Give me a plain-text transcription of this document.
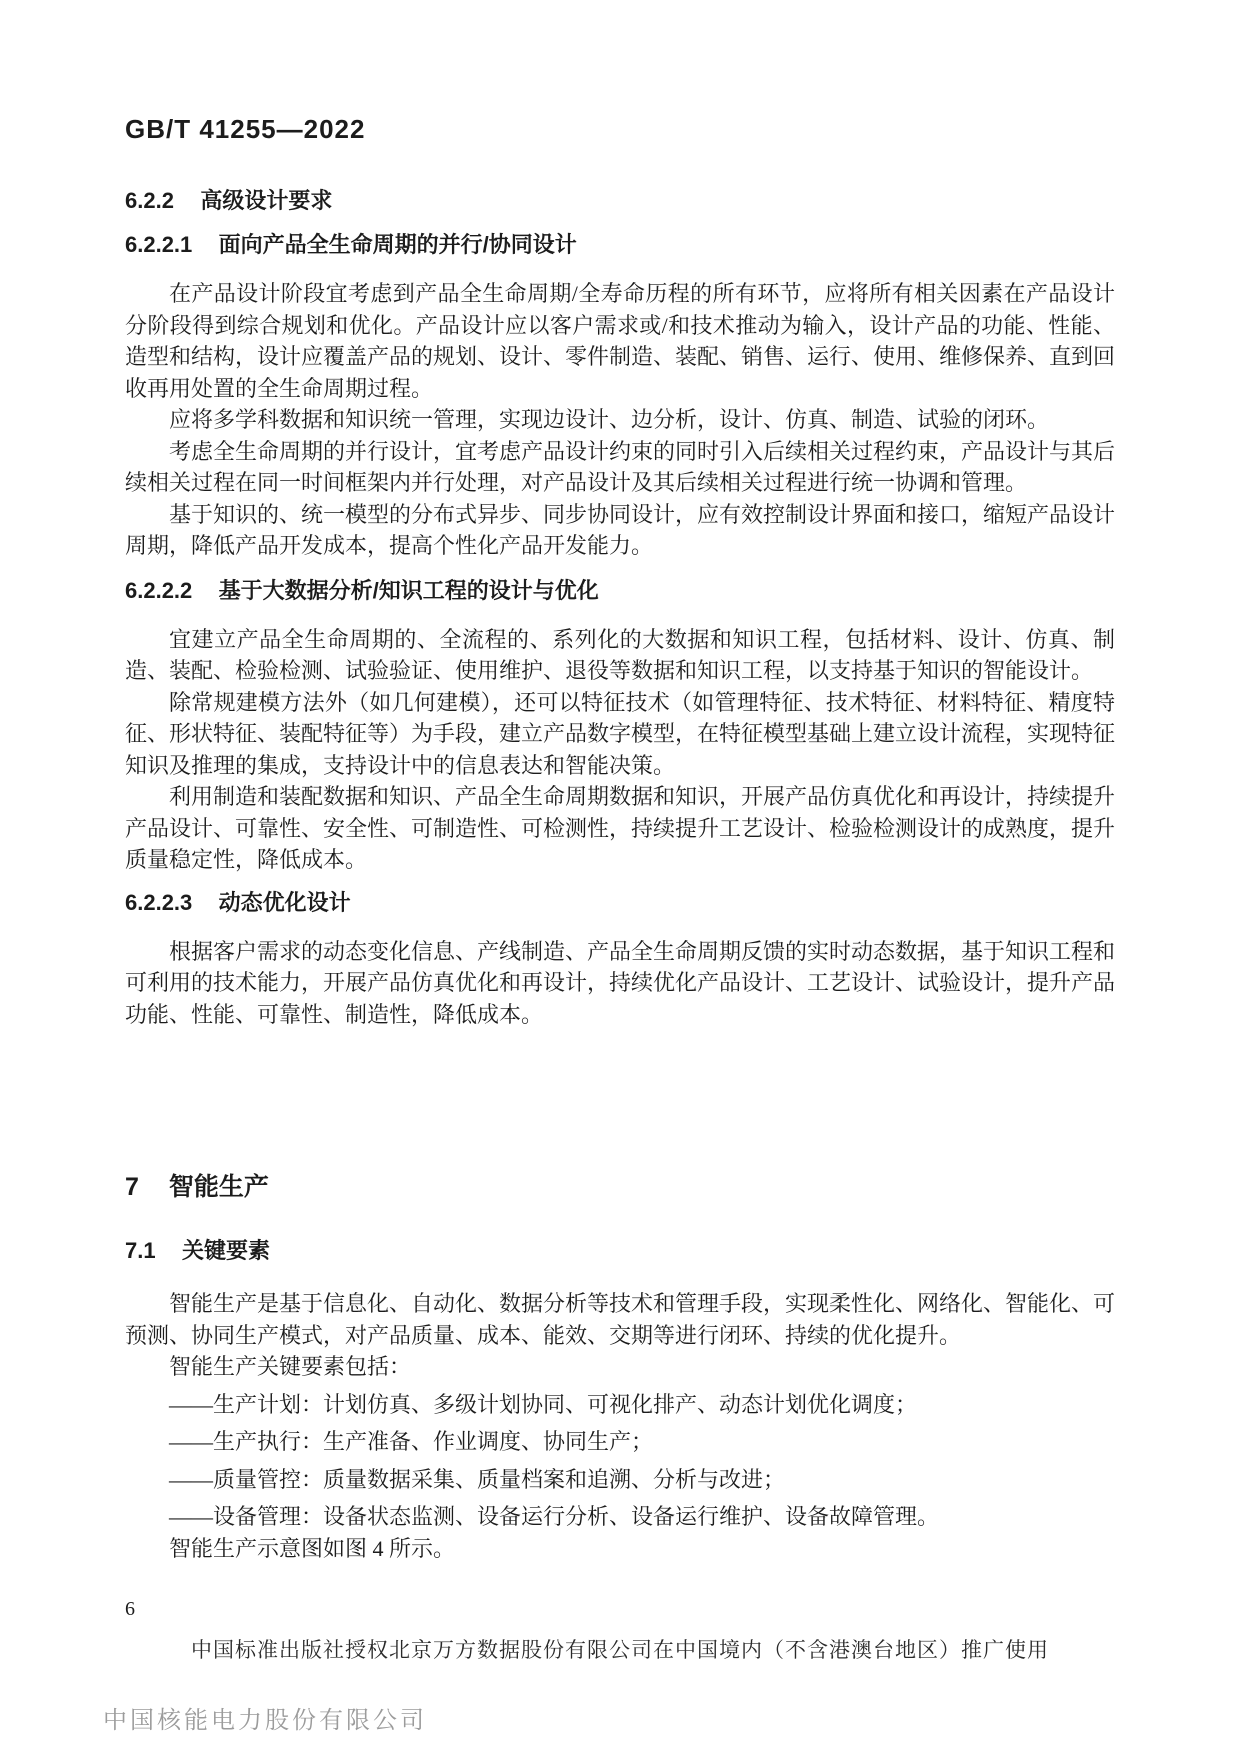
GB/T 41255—2022
6.2.2 高级设计要求
6.2.2.1 面向产品全生命周期的并行/协同设计

在产品设计阶段宜考虑到产品全生命周期/全寿命历程的所有环节，应将所有相关因素在产品设计分阶段得到综合规划和优化。产品设计应以客户需求或/和技术推动为输入，设计产品的功能、性能、造型和结构，设计应覆盖产品的规划、设计、零件制造、装配、销售、运行、使用、维修保养、直到回收再用处置的全生命周期过程。

应将多学科数据和知识统一管理，实现边设计、边分析，设计、仿真、制造、试验的闭环。

考虑全生命周期的并行设计，宜考虑产品设计约束的同时引入后续相关过程约束，产品设计与其后续相关过程在同一时间框架内并行处理，对产品设计及其后续相关过程进行统一协调和管理。

基于知识的、统一模型的分布式异步、同步协同设计，应有效控制设计界面和接口，缩短产品设计周期，降低产品开发成本，提高个性化产品开发能力。

6.2.2.2 基于大数据分析/知识工程的设计与优化

宜建立产品全生命周期的、全流程的、系列化的大数据和知识工程，包括材料、设计、仿真、制造、装配、检验检测、试验验证、使用维护、退役等数据和知识工程，以支持基于知识的智能设计。

除常规建模方法外（如几何建模），还可以特征技术（如管理特征、技术特征、材料特征、精度特征、形状特征、装配特征等）为手段，建立产品数字模型，在特征模型基础上建立设计流程，实现特征知识及推理的集成，支持设计中的信息表达和智能决策。

利用制造和装配数据和知识、产品全生命周期数据和知识，开展产品仿真优化和再设计，持续提升产品设计、可靠性、安全性、可制造性、可检测性，持续提升工艺设计、检验检测设计的成熟度，提升质量稳定性，降低成本。

6.2.2.3 动态优化设计

根据客户需求的动态变化信息、产线制造、产品全生命周期反馈的实时动态数据，基于知识工程和可利用的技术能力，开展产品仿真优化和再设计，持续优化产品设计、工艺设计、试验设计，提升产品功能、性能、可靠性、制造性，降低成本。

7 智能生产
7.1 关键要素

智能生产是基于信息化、自动化、数据分析等技术和管理手段，实现柔性化、网络化、智能化、可预测、协同生产模式，对产品质量、成本、能效、交期等进行闭环、持续的优化提升。

智能生产关键要素包括：

——生产计划：计划仿真、多级计划协同、可视化排产、动态计划优化调度；
——生产执行：生产准备、作业调度、协同生产；
——质量管控：质量数据采集、质量档案和追溯、分析与改进；
——设备管理：设备状态监测、设备运行分析、设备运行维护、设备故障管理。

智能生产示意图如图 4 所示。

6
中国标准出版社授权北京万方数据股份有限公司在中国境内（不含港澳台地区）推广使用
中国核能电力股份有限公司
